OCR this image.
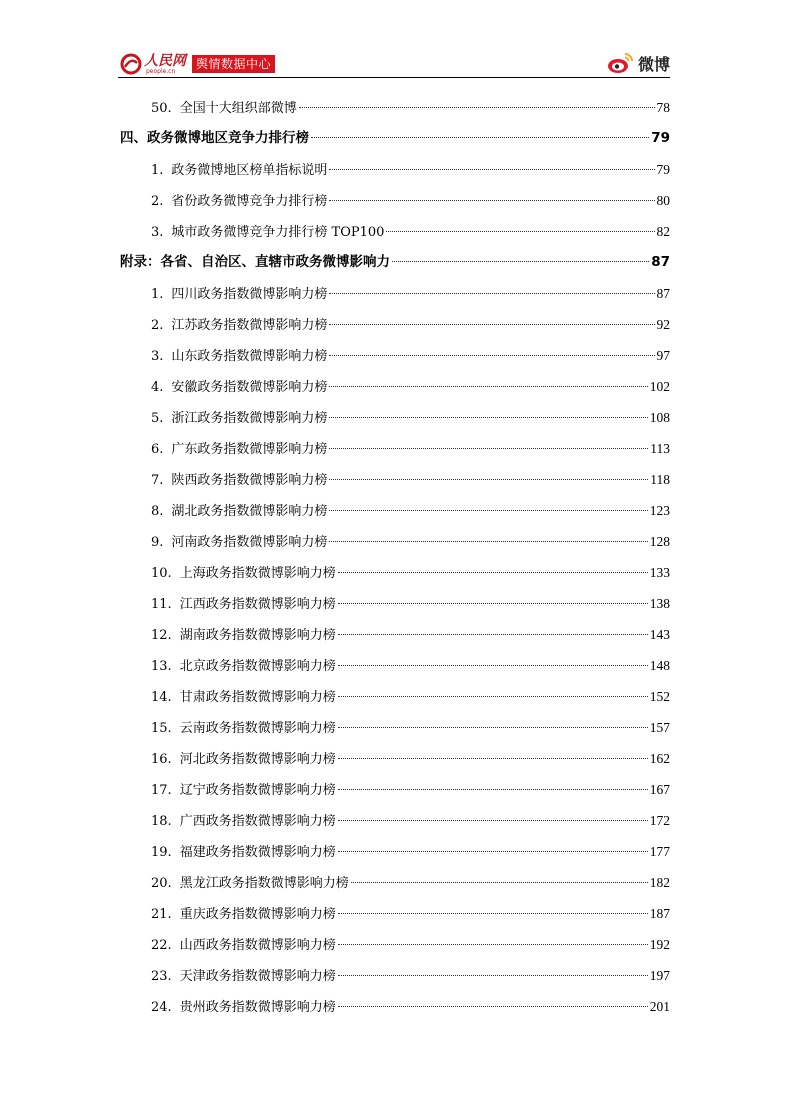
人民网
people.cn
舆情数据中心	微博
50. 全国十大组织部微博	78
四、政务微博地区竞争力排行榜	79
1. 政务微博地区榜单指标说明	79
2. 省份政务微博竞争力排行榜	80
3. 城市政务微博竞争力排行榜 TOP100	82
附录：各省、自治区、直辖市政务微博影响力	87
1. 四川政务指数微博影响力榜	87
2. 江苏政务指数微博影响力榜	92
3. 山东政务指数微博影响力榜	97
4. 安徽政务指数微博影响力榜	102
5. 浙江政务指数微博影响力榜	108
6. 广东政务指数微博影响力榜	113
7. 陕西政务指数微博影响力榜	118
8. 湖北政务指数微博影响力榜	123
9. 河南政务指数微博影响力榜	128
10. 上海政务指数微博影响力榜	133
11. 江西政务指数微博影响力榜	138
12. 湖南政务指数微博影响力榜	143
13. 北京政务指数微博影响力榜	148
14. 甘肃政务指数微博影响力榜	152
15. 云南政务指数微博影响力榜	157
16. 河北政务指数微博影响力榜	162
17. 辽宁政务指数微博影响力榜	167
18. 广西政务指数微博影响力榜	172
19. 福建政务指数微博影响力榜	177
20. 黑龙江政务指数微博影响力榜	182
21. 重庆政务指数微博影响力榜	187
22. 山西政务指数微博影响力榜	192
23. 天津政务指数微博影响力榜	197
24. 贵州政务指数微博影响力榜	201
